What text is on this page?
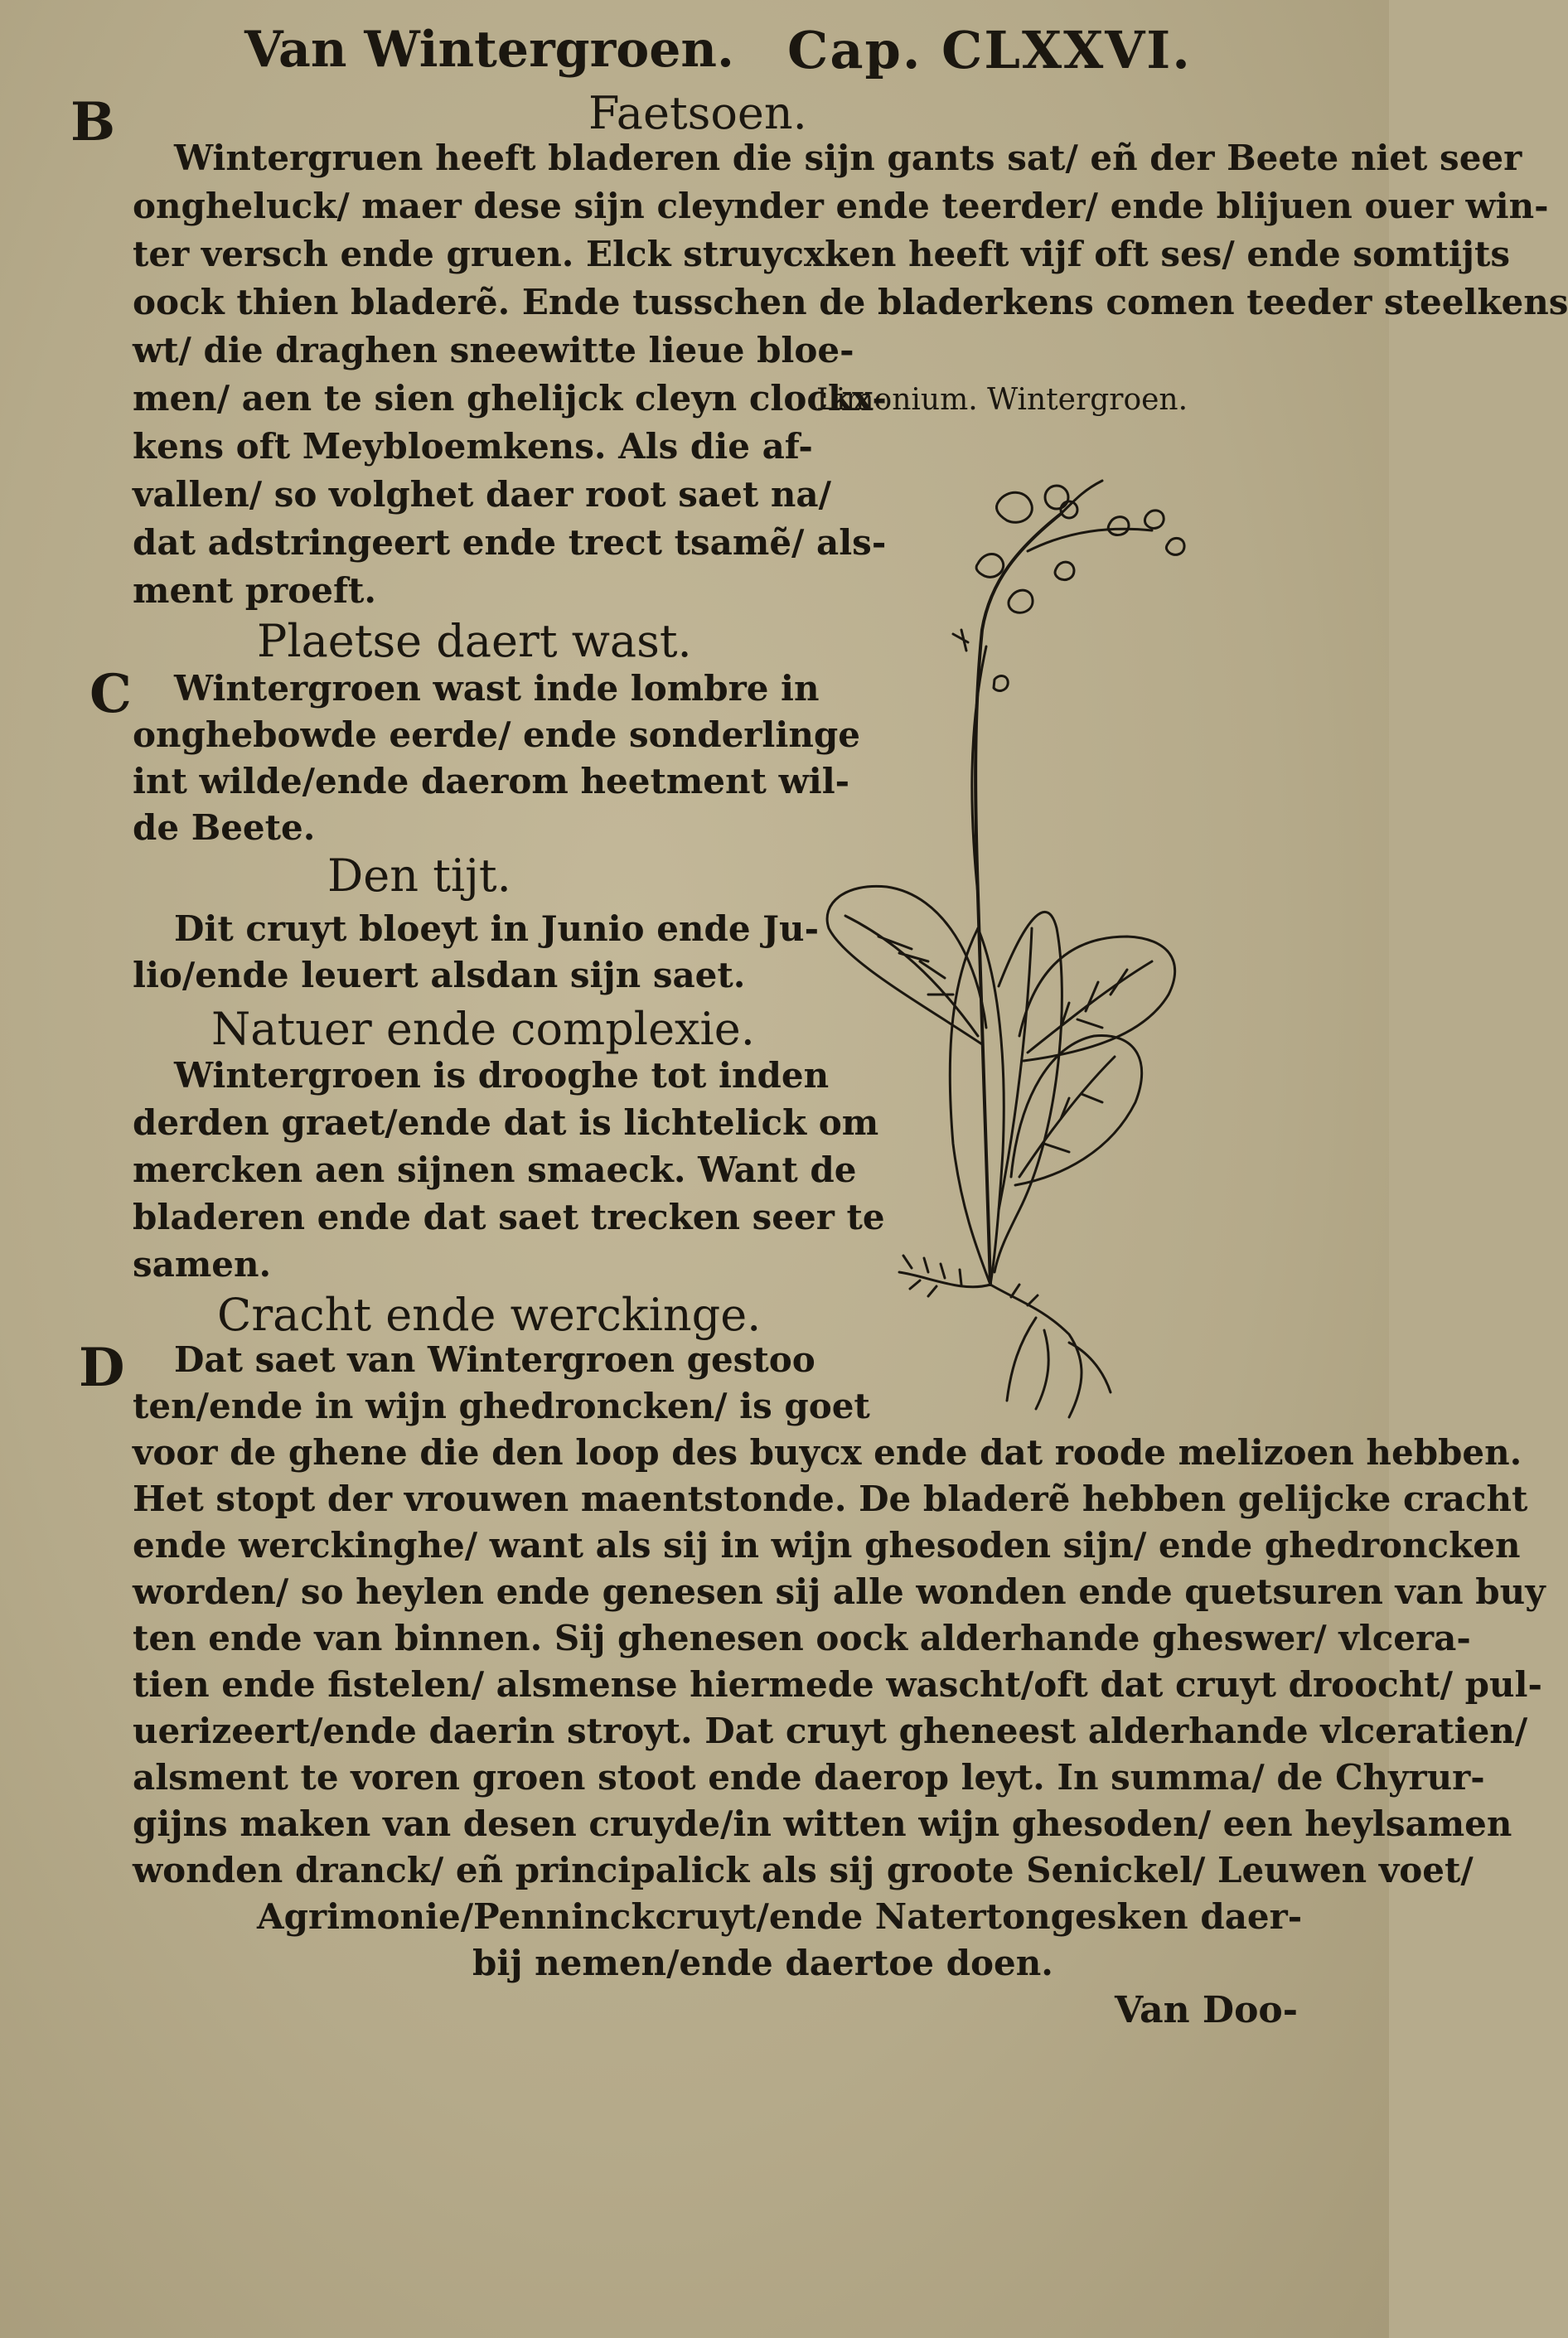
Van Wintergroen. Cap. CLXXVI.
B
C
D
Faetsoen.
Wintergruen heeft bladeren die sijn gants sat/ eñ der Beete niet seer
ongheluck/ maer dese sijn cleynder ende teerder/ ende blijuen ouer win-
ter versch ende gruen. Elck struycxken heeft vijf oft ses/ ende somtijts
oock thien bladerẽ. Ende tusschen de bladerkens comen teeder steelkens
wt/ die draghen sneewitte lieue bloe-
men/ aen te sien ghelijck cleyn clockx-
kens oft Meybloemkens. Als die af-
vallen/ so volghet daer root saet na/
dat adstringeert ende trect tsamẽ/ als-
ment proeft.
Plaetse daert wast.
Wintergroen wast inde lombre in
onghebowde eerde/ ende sonderlinge
int wilde/ende daerom heetment wil-
de Beete.
Den tijt.
Dit cruyt bloeyt in Junio ende Ju-
lio/ende leuert alsdan sijn saet.
Natuer ende complexie.
Wintergroen is drooghe tot inden
derden graet/ende dat is lichtelick om
mercken aen sijnen smaeck. Want de
bladeren ende dat saet trecken seer te
samen.
Cracht ende werckinge.
Dat saet van Wintergroen gestoo
ten/ende in wijn ghedroncken/ is goet
voor de ghene die den loop des buycx ende dat roode melizoen hebben.
Het stopt der vrouwen maentstonde. De bladerẽ hebben gelijcke cracht
ende werckinghe/ want als sij in wijn ghesoden sijn/ ende ghedroncken
worden/ so heylen ende genesen sij alle wonden ende quetsuren van buy
ten ende van binnen. Sij ghenesen oock alderhande gheswer/ vlcera-
tien ende fistelen/ alsmense hiermede wascht/oft dat cruyt droocht/ pul-
uerizeert/ende daerin stroyt. Dat cruyt gheneest alderhande vlceratien/
alsment te voren groen stoot ende daerop leyt. In summa/ de Chyrur-
gijns maken van desen cruyde/in witten wijn ghesoden/ een heylsamen
wonden dranck/ eñ principalick als sij groote Senickel/ Leuwen voet/
Agrimonie/Penninckcruyt/ende Natertongesken daer-
bij nemen/ende daertoe doen.
Limonium. Wintergroen.
Van Doo-
